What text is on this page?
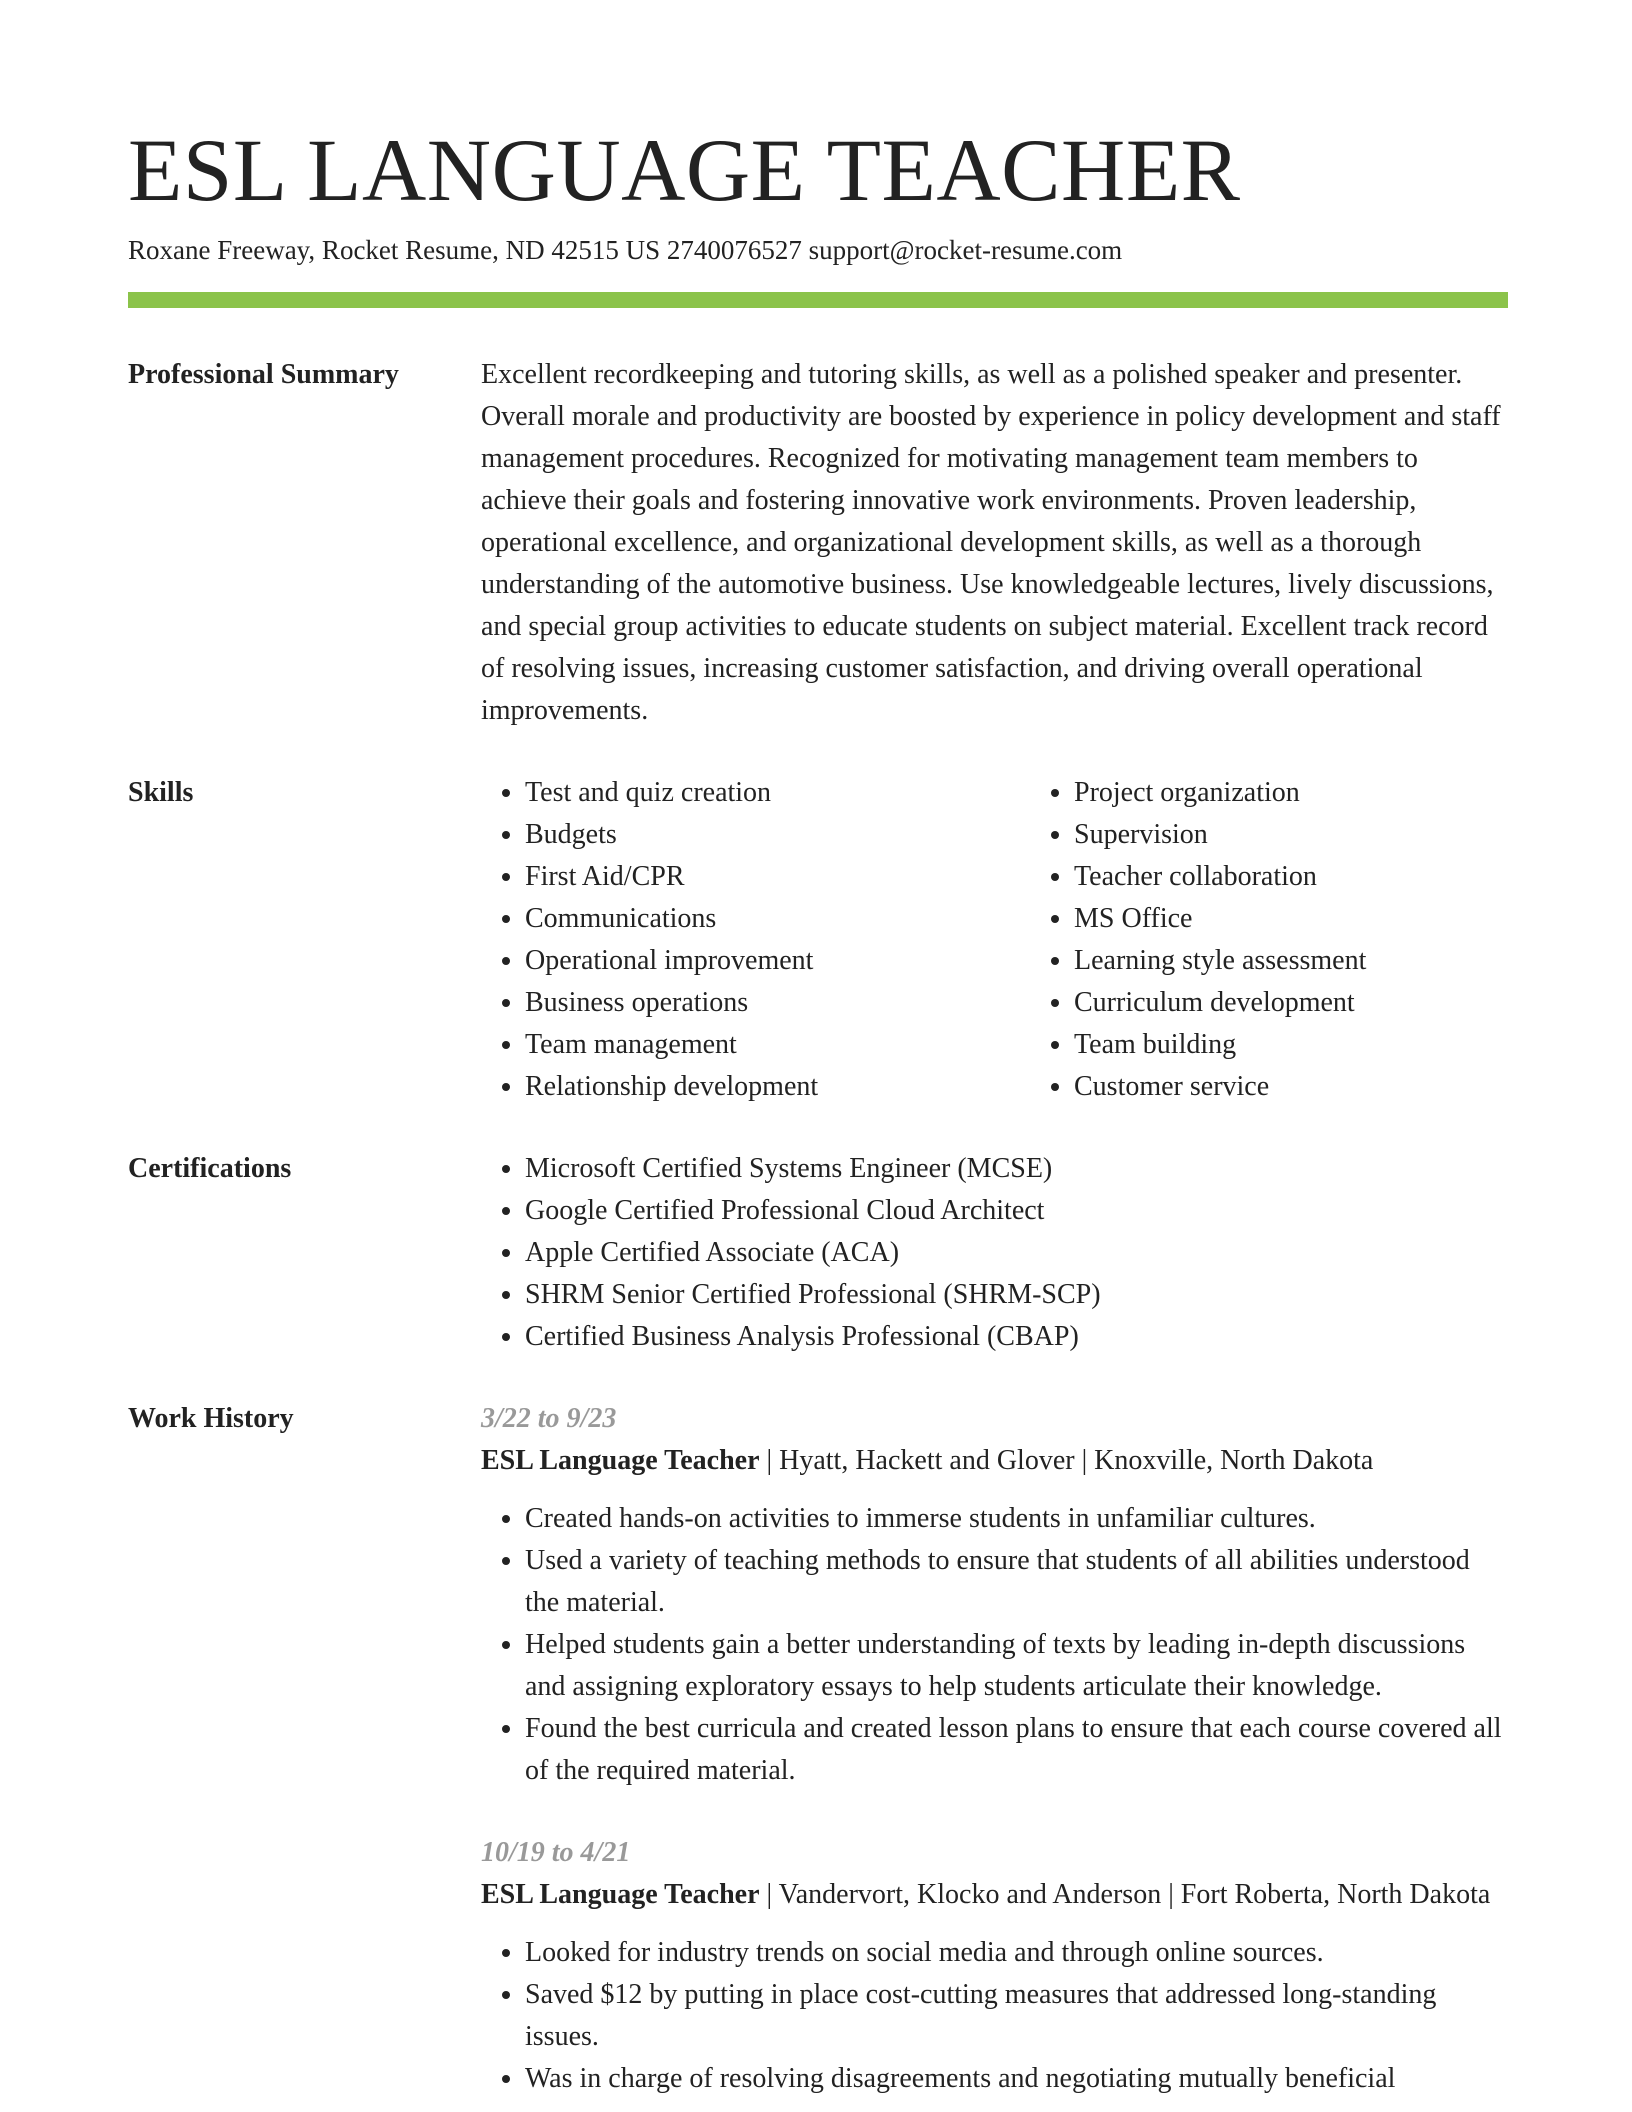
ESL LANGUAGE TEACHER
Roxane Freeway, Rocket Resume, ND 42515 US 2740076527 support@rocket-resume.com
Professional Summary	Excellent recordkeeping and tutoring skills, as well as a polished speaker and presenter. Overall morale and productivity are boosted by experience in policy development and staff management procedures. Recognized for motivating management team members to achieve their goals and fostering innovative work environments. Proven leadership, operational excellence, and organizational development skills, as well as a thorough understanding of the automotive business. Use knowledgeable lectures, lively discussions, and special group activities to educate students on subject material. Excellent track record of resolving issues, increasing customer satisfaction, and driving overall operational improvements.

Skills	• Test and quiz creation
• Budgets
• First Aid/CPR
• Communications
• Operational improvement
• Business operations
• Team management
• Relationship development
• Project organization
• Supervision
• Teacher collaboration
• MS Office
• Learning style assessment
• Curriculum development
• Team building
• Customer service
Certifications	• Microsoft Certified Systems Engineer (MCSE)
• Google Certified Professional Cloud Architect
• Apple Certified Associate (ACA)
• SHRM Senior Certified Professional (SHRM-SCP)
• Certified Business Analysis Professional (CBAP)
Work History	3/22 to 9/23
ESL Language Teacher | Hyatt, Hackett and Glover | Knoxville, North Dakota
• Created hands-on activities to immerse students in unfamiliar cultures.
• Used a variety of teaching methods to ensure that students of all abilities understood the material.
• Helped students gain a better understanding of texts by leading in-depth discussions and assigning exploratory essays to help students articulate their knowledge.
• Found the best curricula and created lesson plans to ensure that each course covered all of the required material.
10/19 to 4/21
ESL Language Teacher | Vandervort, Klocko and Anderson | Fort Roberta, North Dakota
• Looked for industry trends on social media and through online sources.
• Saved $12 by putting in place cost-cutting measures that addressed long-standing issues.
• Was in charge of resolving disagreements and negotiating mutually beneficial
